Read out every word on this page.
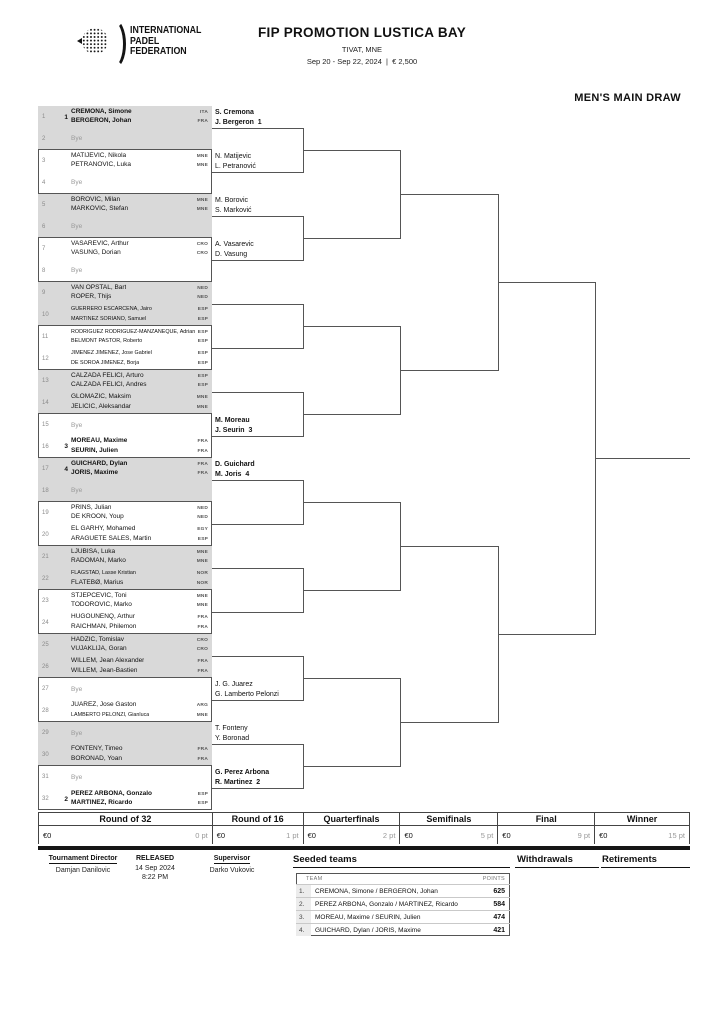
INTERNATIONAL
PADEL
FEDERATION
FIP PROMOTION LUSTICA BAY
TIVAT, MNE
Sep 20 - Sep 22, 2024  |  € 2,500
MEN'S MAIN DRAW
1	1
CREMONA, Simone	ITA
BERGERON, Johan	FRA
2	Bye
3
MATIJEVIC, Nikola	MNE
PETRANOVIĆ, Luka	MNE
4	Bye
5
BOROVIC, Milan	MNE
MARKOVIĆ, Stefan	MNE
6	Bye
7
VASAREVIC, Arthur	CRO
VASUNG, Dorian	CRO
8	Bye
9
VAN OPSTAL, Bart	NED
ROPER, Thijs	NED
10
GUERRERO ESCARCENA, Jairo	ESP
MARTINEZ SORIANO, Samuel	ESP
11
RODRIGUEZ RODRIGUEZ-MANZANEQUE, Adrian ESP
BELMONT PASTOR, Roberto	ESP
12
JIMENEZ JIMENEZ, Jose Gabriel	ESP
DE SOROA JIMENEZ, Borja	ESP
13
CALZADA FELICI, Arturo	ESP
CALZADA FELICI, Andres	ESP
14
GLOMAZIC, Maksim	MNE
JELIČIĆ, Aleksandar	MNE
15	Bye
16	3
MOREAU, Maxime	FRA
SEURIN, Julien	FRA
17	4
GUICHARD, Dylan	FRA
JORIS, Maxime	FRA
18	Bye
19
PRINS, Julian	NED
DE KROON, Youp	NED
20
EL GARHY, Mohamed	EGY
ARAGUETE SALES, Martin	ESP
21
LJUBISA, Luka	MNE
RADOMAN, Marko	MNE
22
FLAGSTAD, Lasse Kristian	NOR
FLATEBØ, Marius	NOR
23
STJEPCEVIC, Toni	MNE
TODOROVIC, Marko	MNE
24
HUGOUNENQ, Arthur	FRA
RAICHMAN, Philemon	FRA
25
HADZIC, Tomislav	CRO
VUJAKLIJA, Goran	CRO
26
WILLEM, Jean Alexander	FRA
WILLEM, Jean-Bastien	FRA
27	Bye
28
JUAREZ, Jose Gaston	ARG
LAMBERTO PELONZI, Gianluca	MNE
29	Bye
30
FONTENY, Timeo	FRA
BORONAD, Yoan	FRA
31	Bye
32	2
PEREZ ARBONA, Gonzalo	ESP
MARTINEZ, Ricardo	ESP
S. Cremona
J. Bergeron  1
N. Matijevic
L. Petranović
M. Borovic
S. Marković
A. Vasarevic
D. Vasung
M. Moreau
J. Seurin  3
D. Guichard
M. Joris  4
J. G. Juarez
G. Lamberto Pelonzi
T. Fonteny
Y. Boronad
G. Perez Arbona
R. Martinez  2
Round of 32
€0	0 pt
Round of 16
€0	1 pt
Quarterfinals
€0	2 pt
Semifinals
€0	5 pt
Final
€0	9 pt
Winner
€0	15 pt
Tournament Director
Damjan Danilovic
RELEASED
14 Sep 2024
8:22 PM
Supervisor
Darko Vukovic
Seeded teams
TEAM	POINTS
1.	CREMONA, Simone / BERGERON, Johan	625
2.	PEREZ ARBONA, Gonzalo / MARTINEZ, Ricardo	584
3.	MOREAU, Maxime / SEURIN, Julien	474
4.	GUICHARD, Dylan / JORIS, Maxime	421
Withdrawals	Retirements
